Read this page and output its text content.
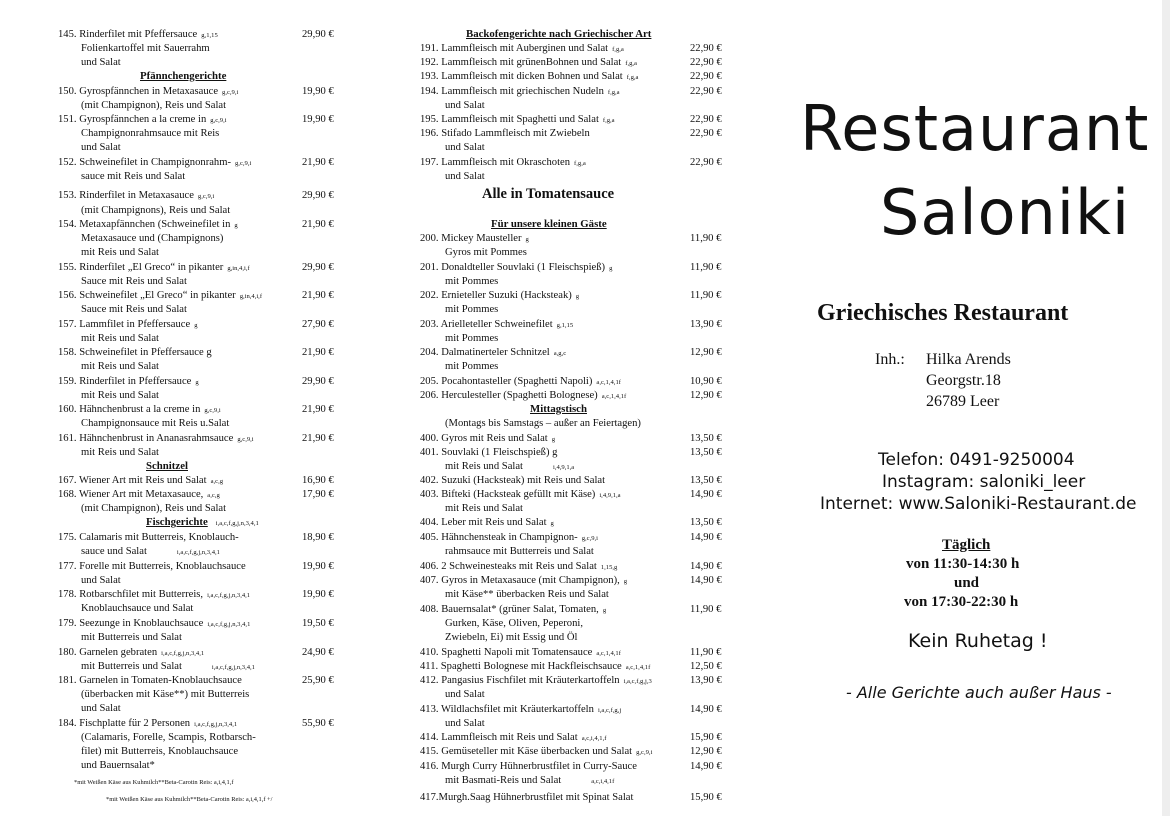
145. Rinderfilet mit Pfeffersauce g,1,15	29,90 €
Folienkartoffel mit Sauerrahm
und Salat
Pfännchengerichte
150. Gyrospfännchen in Metaxasauce g,c,9,i	19,90 €
(mit Champignon), Reis und Salat
151. Gyrospfännchen a la creme in g,c,9,i	19,90 €
Champignonrahmsauce mit Reis
und Salat
152. Schweinefilet in Champignonrahm- g,c,9,i	21,90 €
sauce mit Reis und Salat
153. Rinderfilet in Metaxasauce g,c,9,i	29,90 €
(mit Champignons), Reis und Salat
154. Metaxapfännchen (Schweinefilet in g	21,90 €
Metaxasauce und (Champignons)
mit Reis und Salat
155. Rinderfilet „El Greco“ in pikanter g,in,4,i,f	29,90 €
Sauce mit Reis und Salat
156. Schweinefilet „El Greco“ in pikanter g,in,4,i,f	21,90 €
Sauce mit Reis und Salat
157. Lammfilet in Pfeffersauce g	27,90 €
mit Reis und Salat
158. Schweinefilet in Pfeffersauce g	21,90 €
mit Reis und Salat
159. Rinderfilet in Pfeffersauce g	29,90 €
mit Reis und Salat
160. Hähnchenbrust a la creme in g,c,9,i	21,90 €
Champignonsauce mit Reis u.Salat
161. Hähnchenbrust in Ananasrahmsauce g,c,9,i	21,90 €
mit Reis und Salat
Schnitzel
167. Wiener Art mit Reis und Salat a,c,g	16,90 €
168. Wiener Art mit Metaxasauce, a,c,g	17,90 €
(mit Champignon), Reis und Salat
Fischgerichte i,a,c,f,g,j,n,3,4,1
175. Calamaris mit Butterreis, Knoblauch-	18,90 €
sauce und Salat	i,a,c,f,g,j,n,3,4,1
177. Forelle mit Butterreis, Knoblauchsauce	19,90 €
und Salat
178. Rotbarschfilet mit Butterreis, i,a,c,f,g,j,n,3,4,1	19,90 €
Knoblauchsauce und Salat
179. Seezunge in Knoblauchsauce i,a,c,f,g,j,n,3,4,1	19,50 €
mit Butterreis und Salat
180. Garnelen gebraten i,a,c,f,g,j,n,3,4,1	24,90 €
mit Butterreis und Salat	i,a,c,f,g,j,n,3,4,1
181. Garnelen in Tomaten-Knoblauchsauce	25,90 €
(überbacken mit Käse**) mit Butterreis
und Salat
184. Fischplatte für 2 Personen i,a,c,f,g,j,n,3,4,1	55,90 €
(Calamaris, Forelle, Scampis, Rotbarsch-
filet) mit Butterreis, Knoblauchsauce
und Bauernsalat*
*mit Weißen Käse aus Kuhmilch**Beta-Carotin Reis: a,i,4,1,f
*mit Weißen Käse aus Kuhmilch**Beta-Carotin Reis: a,i,4,1,f +/
Backofengerichte nach Griechischer Art
191. Lammfleisch mit Auberginen und Salat f,g,a	22,90 €
192. Lammfleisch mit grünenBohnen und Salat f,g,a	22,90 €
193. Lammfleisch mit dicken Bohnen und Salat f,g,a	22,90 €
194. Lammfleisch mit griechischen Nudeln f,g,a	22,90 €
und Salat
195. Lammfleisch mit Spaghetti und Salat f,g,a	22,90 €
196. Stifado Lammfleisch mit Zwiebeln	22,90 €
und Salat
197. Lammfleisch mit Okraschoten f,g,a	22,90 €
und Salat
Alle in Tomatensauce
Für unsere kleinen Gäste
200. Mickey Mausteller g	11,90 €
Gyros mit Pommes
201. Donaldteller Souvlaki (1 Fleischspieß) g	11,90 €
mit Pommes
202. Ernieteller Suzuki (Hacksteak) g	11,90 €
mit Pommes
203. Arielleteller Schweinefilet g,1,15	13,90 €
mit Pommes
204. Dalmatinerteler Schnitzel a,g,c	12,90 €
mit Pommes
205. Pocahontasteller (Spaghetti Napoli) a,c,1,4,1f	10,90 €
206. Herculesteller (Spaghetti Bolognese) a,c,1,4,1f	12,90 €
Mittagstisch
(Montags bis Samstags – außer an Feiertagen)
400. Gyros mit Reis und Salat g	13,50 €
401. Souvlaki (1 Fleischspieß) g	13,50 €
mit Reis und Salat	i,4,9,1,a
402. Suzuki (Hacksteak) mit Reis und Salat	13,50 €
403. Bifteki (Hacksteak gefüllt mit Käse) i,4,9,1,a	14,90 €
mit Reis und Salat
404. Leber mit Reis und Salat g	13,50 €
405. Hähnchensteak in Champignon- g,c,9,i	14,90 €
rahmsauce mit Butterreis und Salat
406. 2 Schweinesteaks mit Reis und Salat 1,15,g	14,90 €
407. Gyros in Metaxasauce (mit Champignon), g	14,90 €
mit Käse** überbacken Reis und Salat
408. Bauernsalat* (grüner Salat, Tomaten, g	11,90 €
Gurken, Käse, Oliven, Peperoni,
Zwiebeln, Ei) mit Essig und Öl
410. Spaghetti Napoli mit Tomatensauce a,c,1,4,1f	11,90 €
411. Spaghetti Bolognese mit Hackfleischsauce a,c,1,4,1f	12,50 €
412. Pangasius Fischfilet mit Kräuterkartoffeln i,a,c,f,g,j,3	13,90 €
und Salat
413. Wildlachsfilet mit Kräuterkartoffeln i,a,c,f,g,j	14,90 €
und Salat
414. Lammfleisch mit Reis und Salat a,c,i,4,1,f	15,90 €
415. Gemüseteller mit Käse überbacken und Salat g,c,9,i	12,90 €
416. Murgh Curry Hühnerbrustfilet in Curry-Sauce	14,90 €
mit Basmati-Reis und Salat	a,c,i,4,1f
417.Murgh.Saag Hühnerbrustfilet mit Spinat Salat	15,90 €
Restaurant
Saloniki
Griechisches Restaurant
Inh.: Hilka Arends
Georgstr.18
26789 Leer
Telefon: 0491-9250004
Instagram: saloniki_leer
Internet: www.Saloniki-Restaurant.de
Täglich
von 11:30-14:30 h
und
von 17:30-22:30 h
Kein Ruhetag !
- Alle Gerichte auch außer Haus -
